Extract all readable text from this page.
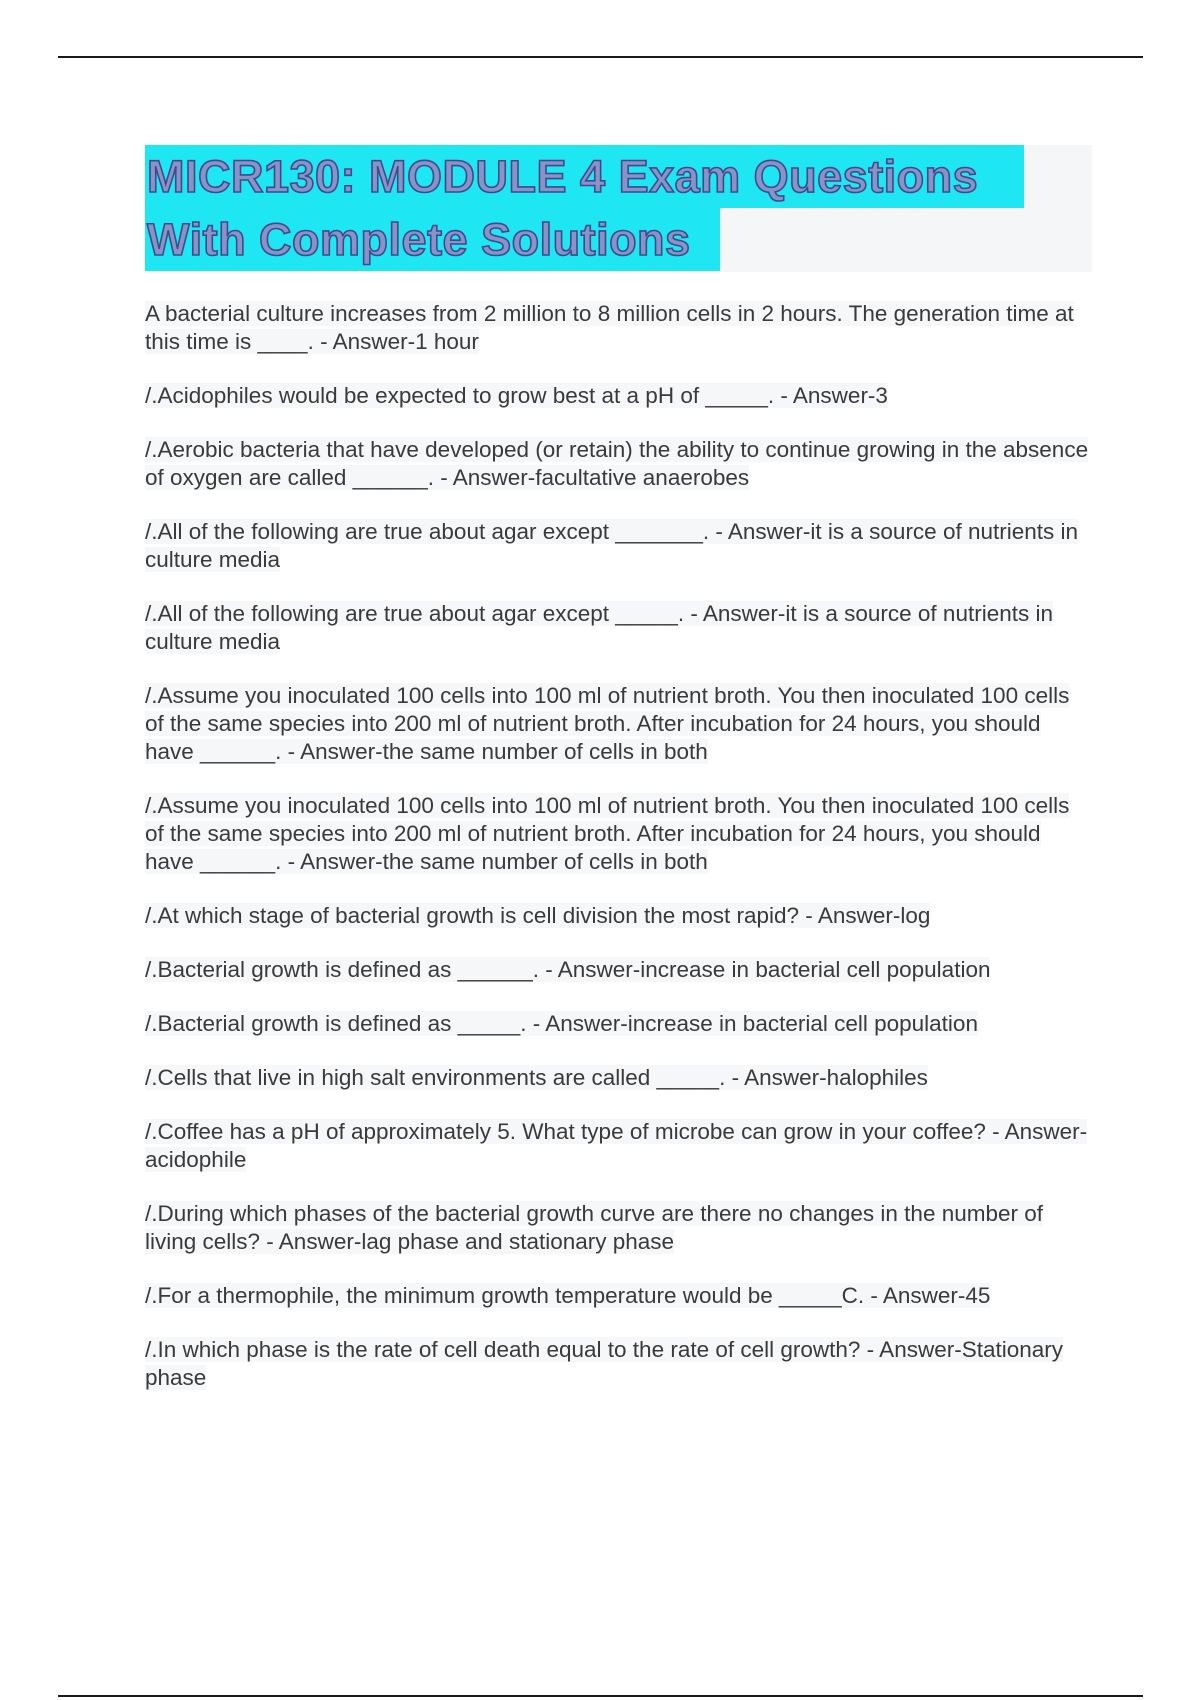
MICR130: MODULE 4 Exam Questions
With Complete Solutions

A bacterial culture increases from 2 million to 8 million cells in 2 hours. The generation time at this time is ____. - Answer-1 hour

/.Acidophiles would be expected to grow best at a pH of _____. - Answer-3

/.Aerobic bacteria that have developed (or retain) the ability to continue growing in the absence of oxygen are called ______. - Answer-facultative anaerobes

/.All of the following are true about agar except _______. - Answer-it is a source of nutrients in culture media

/.All of the following are true about agar except _____. - Answer-it is a source of nutrients in culture media

/.Assume you inoculated 100 cells into 100 ml of nutrient broth. You then inoculated 100 cells of the same species into 200 ml of nutrient broth. After incubation for 24 hours, you should have ______. - Answer-the same number of cells in both

/.Assume you inoculated 100 cells into 100 ml of nutrient broth. You then inoculated 100 cells of the same species into 200 ml of nutrient broth. After incubation for 24 hours, you should have ______. - Answer-the same number of cells in both

/.At which stage of bacterial growth is cell division the most rapid? - Answer-log

/.Bacterial growth is defined as ______. - Answer-increase in bacterial cell population

/.Bacterial growth is defined as _____. - Answer-increase in bacterial cell population

/.Cells that live in high salt environments are called _____. - Answer-halophiles

/.Coffee has a pH of approximately 5. What type of microbe can grow in your coffee? - Answer-acidophile

/.During which phases of the bacterial growth curve are there no changes in the number of living cells? - Answer-lag phase and stationary phase

/.For a thermophile, the minimum growth temperature would be _____C. - Answer-45

/.In which phase is the rate of cell death equal to the rate of cell growth? - Answer-Stationary phase
